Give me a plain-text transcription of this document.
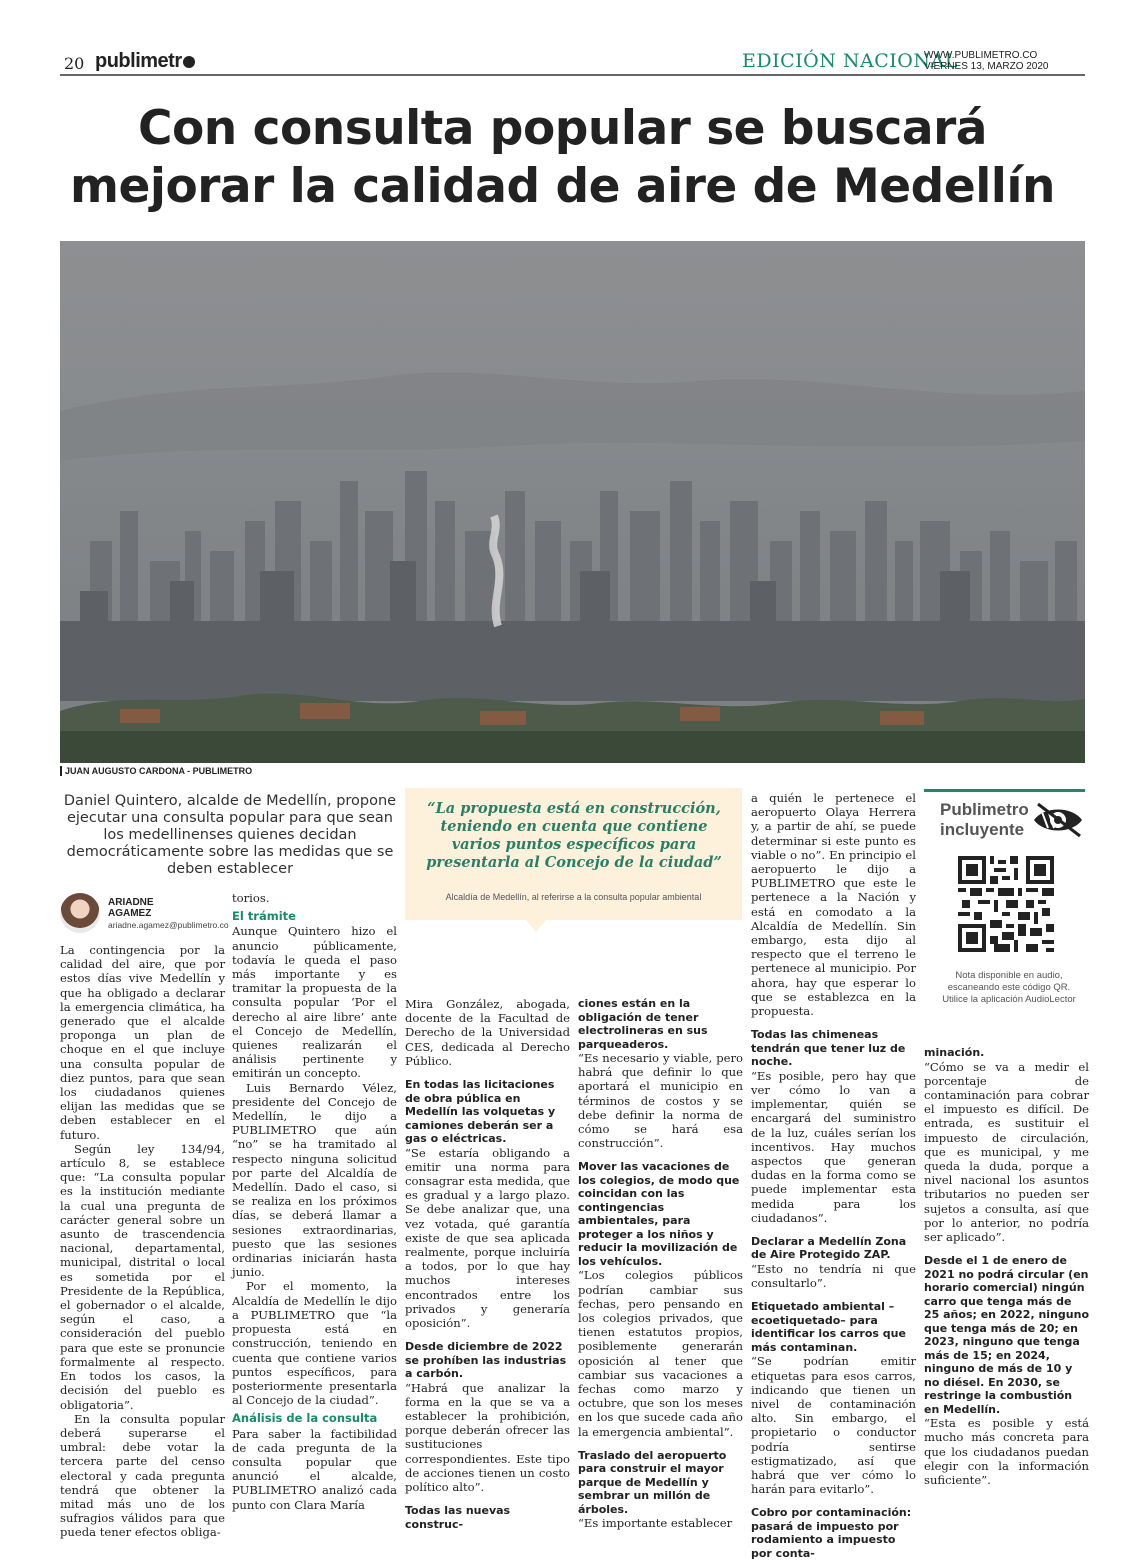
20 publimetr	EDICIÓN NACIONAL
WWW.PUBLIMETRO.CO
VIERNES 13, MARZO 2020
Con consulta popular se buscará mejorar la calidad de aire de Medellín
JUAN AUGUSTO CARDONA - PUBLIMETRO
Daniel Quintero, alcalde de Medellín, propone ejecutar una consulta popular para que sean los medellinenses quienes decidan democráticamente sobre las medidas que se deben establecer
“La propuesta está en construcción, teniendo en cuenta que contiene varios puntos específicos para presentarla al Concejo de la ciudad”
Alcaldía de Medellín, al referirse a la consulta popular ambiental
ARIADNE
AGAMEZ
ariadne.agamez@publimetro.co

La contingencia por la calidad del aire, que por estos días vive Medellín y que ha obligado a declarar la emergencia climática, ha generado que el alcalde proponga un plan de choque en el que incluye una consulta popular de diez puntos, para que sean los ciudadanos quienes elijan las medidas que se deben establecer en el futuro.

Según ley 134/94, artículo 8, se establece que: “La consulta popular es la institución mediante la cual una pregunta de carácter general sobre un asunto de trascendencia nacional, departamental, municipal, distrital o local es sometida por el Presidente de la República, el gobernador o el alcalde, según el caso, a consideración del pueblo para que este se pronuncie formalmente al respecto. En todos los casos, la decisión del pueblo es obligatoria”.

En la consulta popular deberá superarse el umbral: debe votar la tercera parte del censo electoral y cada pregunta tendrá que obtener la mitad más uno de los sufragios válidos para que pueda tener efectos obliga-

torios.

El trámite

Aunque Quintero hizo el anuncio públicamente, todavía le queda el paso más importante y es tramitar la propuesta de la consulta popular ‘Por el derecho al aire libre’ ante el Concejo de Medellín, quienes realizarán el análisis pertinente y emitirán un concepto.

Luis Bernardo Vélez, presidente del Concejo de Medellín, le dijo a PUBLIMETRO que aún “no” se ha tramitado al respecto ninguna solicitud por parte del Alcaldía de Medellín. Dado el caso, si se realiza en los próximos días, se deberá llamar a sesiones extraordinarias, puesto que las sesiones ordinarias iniciarán hasta junio.

Por el momento, la Alcaldía de Medellín le dijo a PUBLIMETRO que “la propuesta está en construcción, teniendo en cuenta que contiene varios puntos específicos, para posteriormente presentarla al Concejo de la ciudad”.

Análisis de la consulta

Para saber la factibilidad de cada pregunta de la consulta popular que anunció el alcalde, PUBLIMETRO analizó cada punto con Clara María

Mira González, abogada, docente de la Facultad de Derecho de la Universidad CES, dedicada al Derecho Público.

En todas las licitaciones de obra pública en Medellín las volquetas y camiones deberán ser a gas o eléctricas.

“Se estaría obligando a emitir una norma para consagrar esta medida, que es gradual y a largo plazo. Se debe analizar que, una vez votada, qué garantía existe de que sea aplicada realmente, porque incluiría a todos, por lo que hay muchos intereses encontrados entre los privados y generaría oposición”.

Desde diciembre de 2022 se prohíben las industrias a carbón.

“Habrá que analizar la forma en la que se va a establecer la prohibición, porque deberán ofrecer las sustituciones correspondientes. Este tipo de acciones tienen un costo político alto”.

Todas las nuevas construc-
ciones están en la obligación de tener electrolineras en sus parqueaderos.

“Es necesario y viable, pero habrá que definir lo que aportará el municipio en términos de costos y se debe definir la norma de cómo se hará esa construcción”.

Mover las vacaciones de los colegios, de modo que coincidan con las contingencias ambientales, para proteger a los niños y reducir la movilización de los vehículos.

“Los colegios públicos podrían cambiar sus fechas, pero pensando en los colegios privados, que tienen estatutos propios, posiblemente generarán oposición al tener que cambiar sus vacaciones a fechas como marzo y octubre, que son los meses en los que sucede cada año la emergencia ambiental”.

Traslado del aeropuerto para construir el mayor parque de Medellín y sembrar un millón de árboles.

“Es importante establecer

a quién le pertenece el aeropuerto Olaya Herrera y, a partir de ahí, se puede determinar si este punto es viable o no”. En principio el aeropuerto le dijo a PUBLIMETRO que este le pertenece a la Nación y está en comodato a la Alcaldía de Medellín. Sin embargo, esta dijo al respecto que el terreno le pertenece al municipio. Por ahora, hay que esperar lo que se establezca en la propuesta.

Todas las chimeneas tendrán que tener luz de noche.

“Es posible, pero hay que ver cómo lo van a implementar, quién se encargará del suministro de la luz, cuáles serían los incentivos. Hay muchos aspectos que generan dudas en la forma como se puede implementar esta medida para los ciudadanos”.

Declarar a Medellín Zona de Aire Protegido ZAP.

“Esto no tendría ni que consultarlo”.

Etiquetado ambiental –ecoetiquetado– para identificar los carros que más contaminan.

“Se podrían emitir etiquetas para esos carros, indicando que tienen un nivel de contaminación alto. Sin embargo, el propietario o conductor podría sentirse estigmatizado, así que habrá que ver cómo lo harán para evitarlo”.

Cobro por contaminación: pasará de impuesto por rodamiento a impuesto por conta-
minación.

“Cómo se va a medir el porcentaje de contaminación para cobrar el impuesto es difícil. De entrada, es sustituir el impuesto de circulación, que es municipal, y me queda la duda, porque a nivel nacional los asuntos tributarios no pueden ser sujetos a consulta, así que por lo anterior, no podría ser aplicado”.

Desde el 1 de enero de 2021 no podrá circular (en horario comercial) ningún carro que tenga más de 25 años; en 2022, ninguno que tenga más de 20; en 2023, ninguno que tenga más de 15; en 2024, ninguno de más de 10 y no diésel. En 2030, se restringe la combustión en Medellín.

“Esta es posible y está mucho más concreta para que los ciudadanos puedan elegir con la información suficiente”.

Publimetro
incluyente
Nota disponible en audio, escaneando este código QR. Utilice la aplicación AudioLector
